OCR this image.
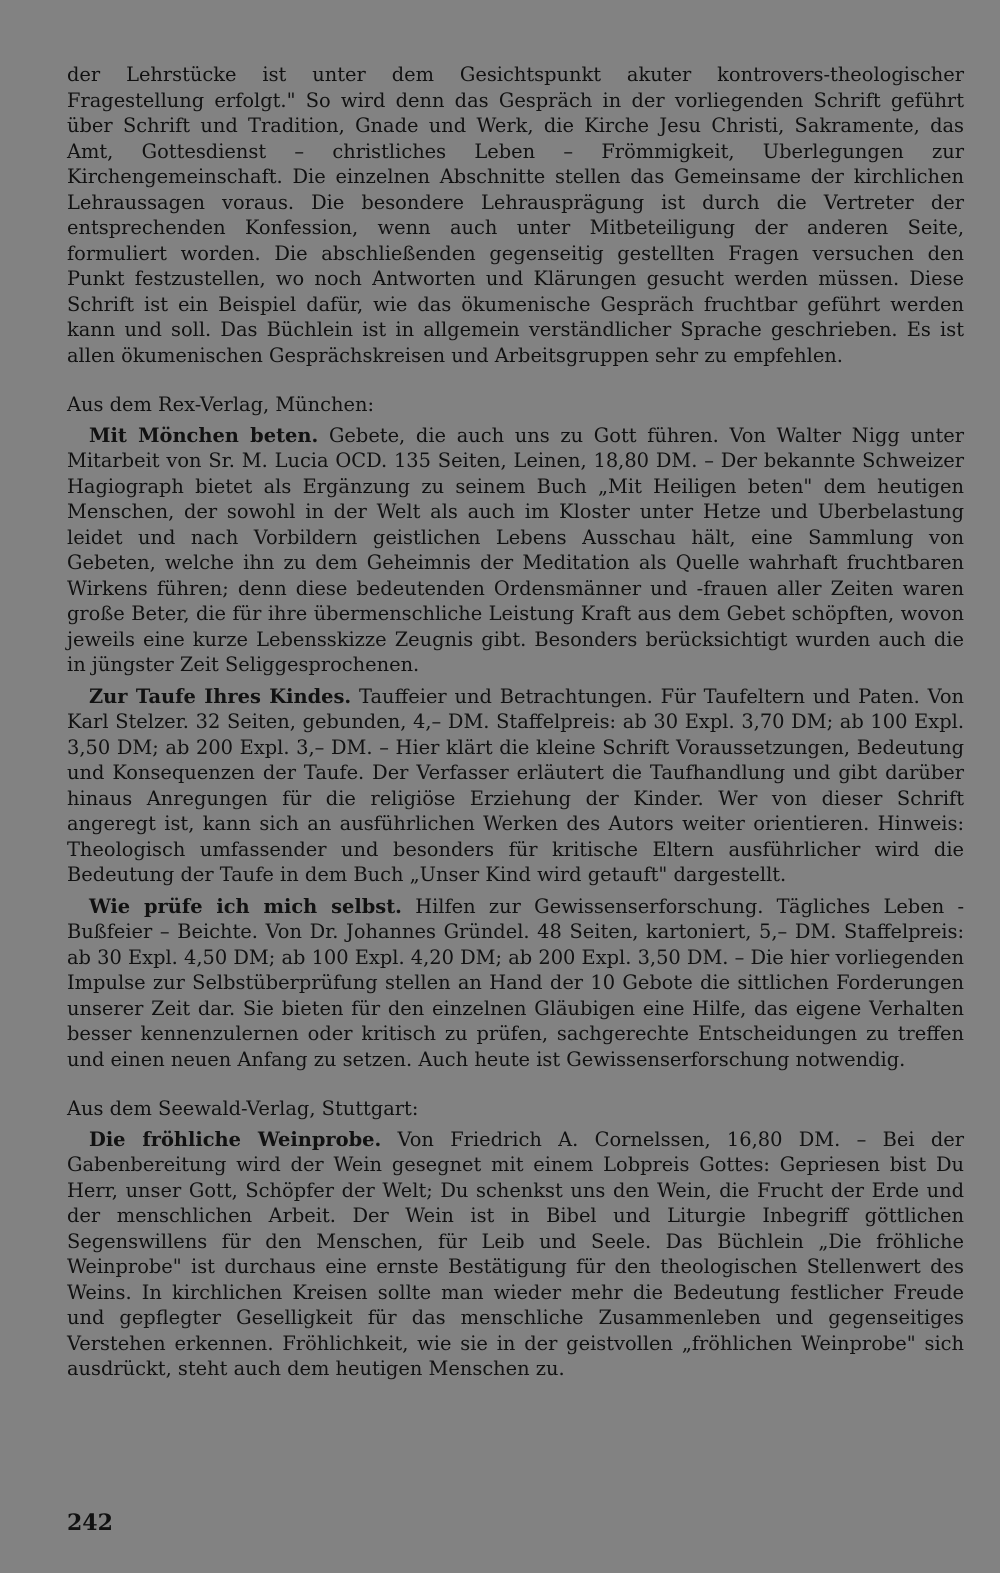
der Lehrstücke ist unter dem Gesichtspunkt akuter kontrovers-theologischer Fragestellung erfolgt." So wird denn das Gespräch in der vorliegenden Schrift geführt über Schrift und Tradition, Gnade und Werk, die Kirche Jesu Christi, Sakramente, das Amt, Gottesdienst – christliches Leben – Frömmigkeit, Uberlegungen zur Kirchengemeinschaft. Die einzelnen Abschnitte stellen das Gemeinsame der kirchlichen Lehraussagen voraus. Die besondere Lehrausprägung ist durch die Vertreter der entsprechenden Konfession, wenn auch unter Mitbeteiligung der anderen Seite, formuliert worden. Die abschließenden gegenseitig gestellten Fragen versuchen den Punkt festzustellen, wo noch Antworten und Klärungen gesucht werden müssen. Diese Schrift ist ein Beispiel dafür, wie das ökumenische Gespräch fruchtbar geführt werden kann und soll. Das Büchlein ist in allgemein verständlicher Sprache geschrieben. Es ist allen ökumenischen Gesprächskreisen und Arbeitsgruppen sehr zu empfehlen.

Aus dem Rex-Verlag, München:

Mit Mönchen beten. Gebete, die auch uns zu Gott führen. Von Walter Nigg unter Mitarbeit von Sr. M. Lucia OCD. 135 Seiten, Leinen, 18,80 DM. – Der bekannte Schweizer Hagiograph bietet als Ergänzung zu seinem Buch „Mit Heiligen beten" dem heutigen Menschen, der sowohl in der Welt als auch im Kloster unter Hetze und Uberbelastung leidet und nach Vorbildern geistlichen Lebens Ausschau hält, eine Sammlung von Gebeten, welche ihn zu dem Geheimnis der Meditation als Quelle wahrhaft fruchtbaren Wirkens führen; denn diese bedeutenden Ordensmänner und -frauen aller Zeiten waren große Beter, die für ihre übermenschliche Leistung Kraft aus dem Gebet schöpften, wovon jeweils eine kurze Lebensskizze Zeugnis gibt. Besonders berücksichtigt wurden auch die in jüngster Zeit Seliggesprochenen.

Zur Taufe Ihres Kindes. Tauffeier und Betrachtungen. Für Taufeltern und Paten. Von Karl Stelzer. 32 Seiten, gebunden, 4,– DM. Staffelpreis: ab 30 Expl. 3,70 DM; ab 100 Expl. 3,50 DM; ab 200 Expl. 3,– DM. – Hier klärt die kleine Schrift Voraussetzungen, Bedeutung und Konsequenzen der Taufe. Der Verfasser erläutert die Taufhandlung und gibt darüber hinaus Anregungen für die religiöse Erziehung der Kinder. Wer von dieser Schrift angeregt ist, kann sich an ausführlichen Werken des Autors weiter orientieren. Hinweis: Theologisch umfassender und besonders für kritische Eltern ausführlicher wird die Bedeutung der Taufe in dem Buch „Unser Kind wird getauft" dargestellt.

Wie prüfe ich mich selbst. Hilfen zur Gewissenserforschung. Tägliches Leben - Bußfeier – Beichte. Von Dr. Johannes Gründel. 48 Seiten, kartoniert, 5,– DM. Staffelpreis: ab 30 Expl. 4,50 DM; ab 100 Expl. 4,20 DM; ab 200 Expl. 3,50 DM. – Die hier vorliegenden Impulse zur Selbstüberprüfung stellen an Hand der 10 Gebote die sittlichen Forderungen unserer Zeit dar. Sie bieten für den einzelnen Gläubigen eine Hilfe, das eigene Verhalten besser kennenzulernen oder kritisch zu prüfen, sachgerechte Entscheidungen zu treffen und einen neuen Anfang zu setzen. Auch heute ist Gewissenserforschung notwendig.

Aus dem Seewald-Verlag, Stuttgart:

Die fröhliche Weinprobe. Von Friedrich A. Cornelssen, 16,80 DM. – Bei der Gabenbereitung wird der Wein gesegnet mit einem Lobpreis Gottes: Gepriesen bist Du Herr, unser Gott, Schöpfer der Welt; Du schenkst uns den Wein, die Frucht der Erde und der menschlichen Arbeit. Der Wein ist in Bibel und Liturgie Inbegriff göttlichen Segenswillens für den Menschen, für Leib und Seele. Das Büchlein „Die fröhliche Weinprobe" ist durchaus eine ernste Bestätigung für den theologischen Stellenwert des Weins. In kirchlichen Kreisen sollte man wieder mehr die Bedeutung festlicher Freude und gepflegter Geselligkeit für das menschliche Zusammenleben und gegenseitiges Verstehen erkennen. Fröhlichkeit, wie sie in der geistvollen „fröhlichen Weinprobe" sich ausdrückt, steht auch dem heutigen Menschen zu.

242
